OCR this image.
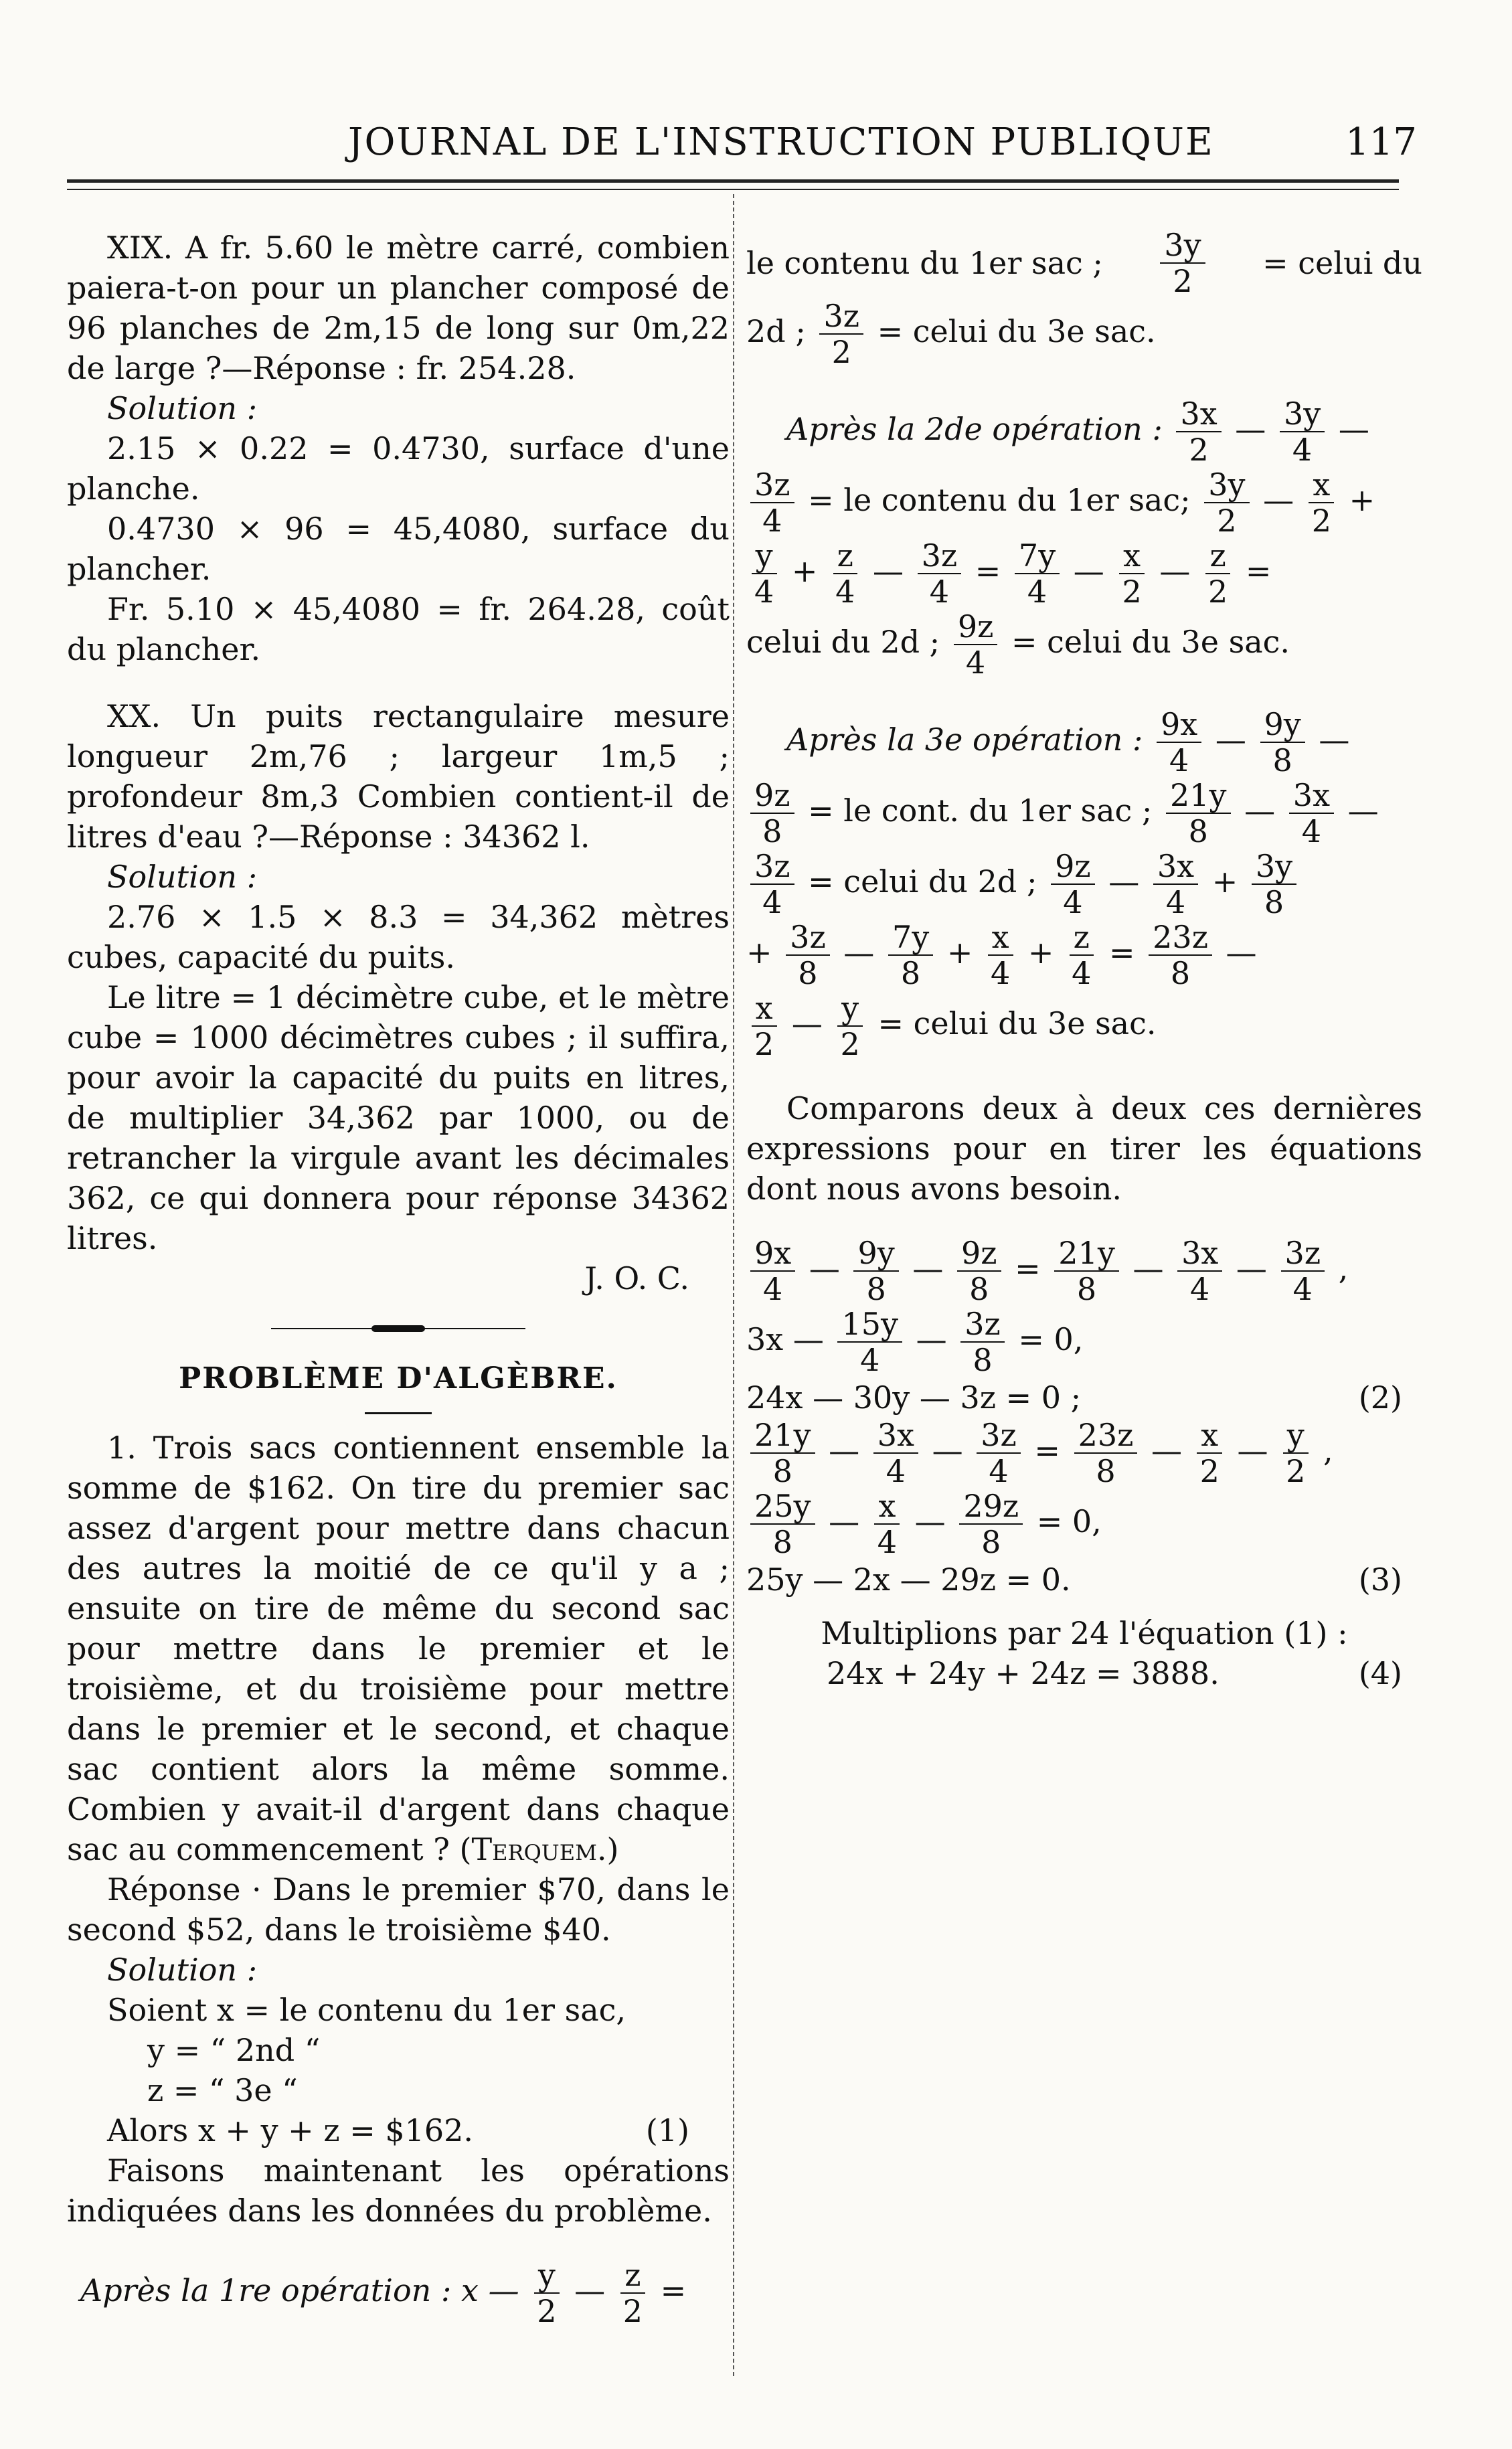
JOURNAL DE L'INSTRUCTION PUBLIQUE	117

XIX. A fr. 5.60 le mètre carré, combien paiera-t-on pour un plancher composé de 96 planches de 2m,15 de long sur 0m,22 de large ?—Réponse : fr. 254.28.

Solution :

2.15 × 0.22 = 0.4730, surface d'une planche.

0.4730 × 96 = 45,4080, surface du plancher.

Fr. 5.10 × 45,4080 = fr. 264.28, coût du plancher.

XX. Un puits rectangulaire mesure longueur 2m,76 ; largeur 1m,5 ; profondeur 8m,3 Combien contient-il de litres d'eau ?—Réponse : 34362 l.

Solution :

2.76 × 1.5 × 8.3 = 34,362 mètres cubes, capacité du puits.

Le litre = 1 décimètre cube, et le mètre cube = 1000 décimètres cubes ; il suffira, pour avoir la capacité du puits en litres, de multiplier 34,362 par 1000, ou de retrancher la virgule avant les décimales 362, ce qui donnera pour réponse 34362 litres.

J. O. C.

PROBLÈME D'ALGÈBRE.

1. Trois sacs contiennent ensemble la somme de $162. On tire du premier sac assez d'argent pour mettre dans chacun des autres la moitié de ce qu'il y a ; ensuite on tire de même du second sac pour mettre dans le premier et le troisième, et du troisième pour mettre dans le premier et le second, et chaque sac contient alors la même somme. Combien y avait-il d'argent dans chaque sac au commencement ? (Terquem.)

Réponse · Dans le premier $70, dans le second $52, dans le troisième $40.

Solution :

Soient x = le contenu du 1er sac,

y = “ 2nd “

z = “ 3e “

Alors x + y + z = $162.	(1)

Faisons maintenant les opérations indiquées dans les données du problème.

Après la 1re opération : x — $\frac{y}{2}$ — $\frac{z}{2}$ =
le contenu du 1er sac ; $\frac{3y}{2}$ = celui du
2d ; $\frac{3z}{2}$ = celui du 3e sac.
Après la 2de opération : $\frac{3x}{2}$ — $\frac{3y}{4}$ —
$\frac{3z}{4}$ = le contenu du 1er sac; $\frac{3y}{2}$ — $\frac{x}{2}$ +
$\frac{y}{4} + \frac{z}{4}$ — $\frac{3z}{4} = \frac{7y}{4}$ — $\frac{x}{2}$ — $\frac{z}{2}$ =
celui du 2d ; $\frac{9z}{4}$ = celui du 3e sac.
Après la 3e opération : $\frac{9x}{4}$ — $\frac{9y}{8}$ —
$\frac{9z}{8}$ = le cont. du 1er sac ; $\frac{21y}{8}$ — $\frac{3x}{4}$ —
$\frac{3z}{4}$ = celui du 2d ; $\frac{9z}{4}$ — $\frac{3x}{4} + \frac{3y}{8}$
+ $\frac{3z}{8}$ — $\frac{7y}{8} + \frac{x}{4} + \frac{z}{4} = \frac{23z}{8}$ —
$\frac{x}{2}$ — $\frac{y}{2}$ = celui du 3e sac.

Comparons deux à deux ces dernières expressions pour en tirer les équations dont nous avons besoin.

$\frac{9x}{4}$ — $\frac{9y}{8}$ — $\frac{9z}{8} = \frac{21y}{8}$ — $\frac{3x}{4}$ — $\frac{3z}{4}$ ,
3x — $\frac{15y}{4}$ — $\frac{3z}{8} = 0$,
24x — 30y — 3z = 0 ;	(2)
$\frac{21y}{8}$ — $\frac{3x}{4}$ — $\frac{3z}{4} = \frac{23z}{8}$ — $\frac{x}{2}$ — $\frac{y}{2}$ ,
$\frac{25y}{8}$ — $\frac{x}{4}$ — $\frac{29z}{8} = 0$,
25y — 2x — 29z = 0.	(3)

Multiplions par 24 l'équation (1) :

24x + 24y + 24z = 3888.	(4)
